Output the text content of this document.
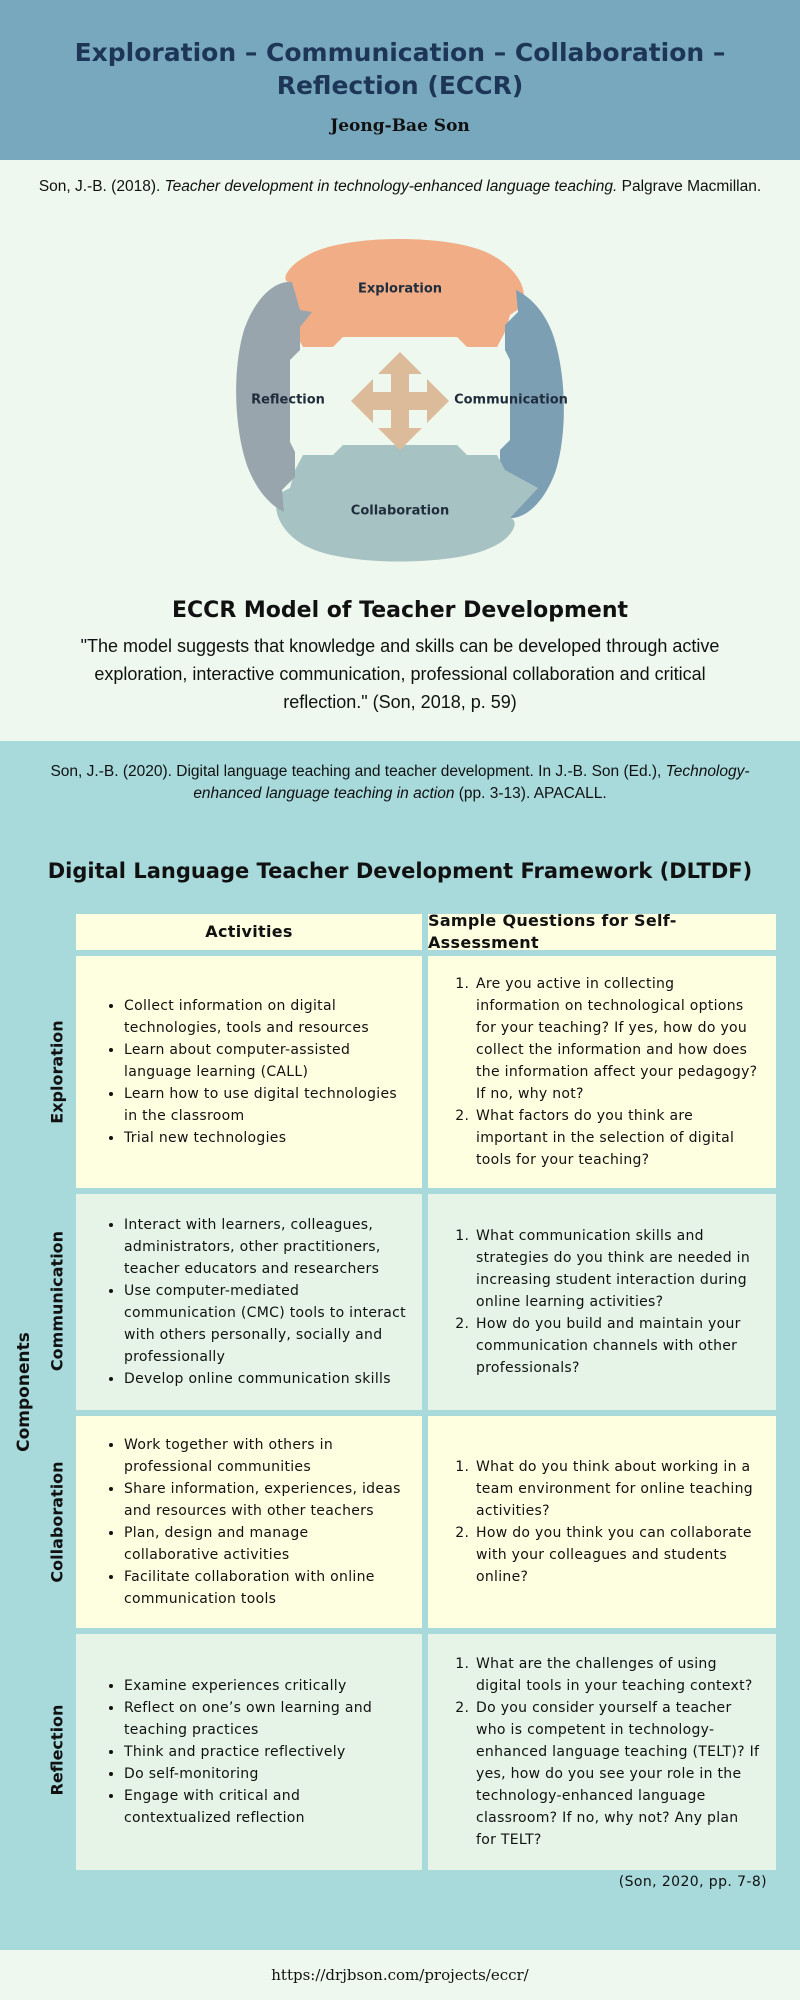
Exploration – Communication – Collaboration – Reflection (ECCR)
Jeong-Bae Son
Son, J.-B. (2018). Teacher development in technology-enhanced language teaching. Palgrave Macmillan.
Exploration
Communication
Collaboration
Reflection
ECCR Model of Teacher Development
"The model suggests that knowledge and skills can be developed through active exploration, interactive communication, professional collaboration and critical reflection." (Son, 2018, p. 59)
Son, J.-B. (2020). Digital language teaching and teacher development. In J.-B. Son (Ed.), Technology-enhanced language teaching in action (pp. 3-13). APACALL.
Digital Language Teacher Development Framework (DLTDF)
Components
Activities
Sample Questions for Self-Assessment
Exploration
Communication
Collaboration
Reflection
• Collect information on digital technologies, tools and resources
• Learn about computer-assisted language learning (CALL)
• Learn how to use digital technologies in the classroom
• Trial new technologies
1. Are you active in collecting information on technological options for your teaching? If yes, how do you collect the information and how does the information affect your pedagogy? If no, why not?
2. What factors do you think are important in the selection of digital tools for your teaching?
• Interact with learners, colleagues, administrators, other practitioners, teacher educators and researchers
• Use computer-mediated communication (CMC) tools to interact with others personally, socially and professionally
• Develop online communication skills
1. What communication skills and strategies do you think are needed in increasing student interaction during online learning activities?
2. How do you build and maintain your communication channels with other professionals?
• Work together with others in professional communities
• Share information, experiences, ideas and resources with other teachers
• Plan, design and manage collaborative activities
• Facilitate collaboration with online communication tools
1. What do you think about working in a team environment for online teaching activities?
2. How do you think you can collaborate with your colleagues and students online?
• Examine experiences critically
• Reflect on one’s own learning and teaching practices
• Think and practice reflectively
• Do self-monitoring
• Engage with critical and contextualized reflection
1. What are the challenges of using digital tools in your teaching context?
2. Do you consider yourself a teacher who is competent in technology-enhanced language teaching (TELT)? If yes, how do you see your role in the technology-enhanced language classroom? If no, why not? Any plan for TELT?
(Son, 2020, pp. 7-8)
https://drjbson.com/projects/eccr/
